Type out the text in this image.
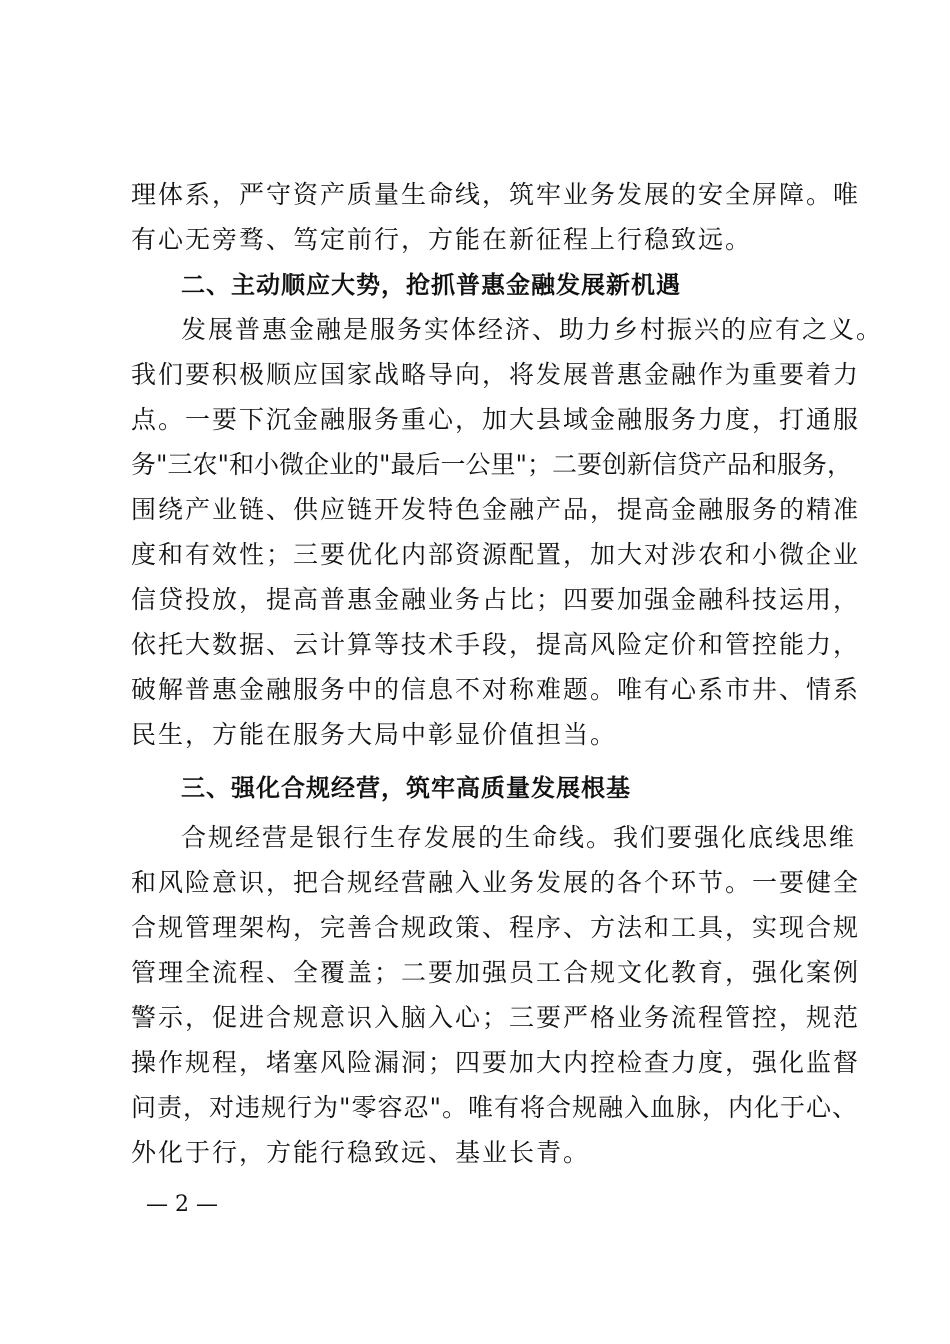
理体系，严守资产质量生命线，筑牢业务发展的安全屏障。唯
有心无旁骛、笃定前行，方能在新征程上行稳致远。
二、主动顺应大势，抢抓普惠金融发展新机遇
发展普惠金融是服务实体经济、助力乡村振兴的应有之义。
我们要积极顺应国家战略导向，将发展普惠金融作为重要着力
点。一要下沉金融服务重心，加大县域金融服务力度，打通服
务"三农"和小微企业的"最后一公里"；二要创新信贷产品和服务，
围绕产业链、供应链开发特色金融产品，提高金融服务的精准
度和有效性；三要优化内部资源配置，加大对涉农和小微企业
信贷投放，提高普惠金融业务占比；四要加强金融科技运用，
依托大数据、云计算等技术手段，提高风险定价和管控能力，
破解普惠金融服务中的信息不对称难题。唯有心系市井、情系
民生，方能在服务大局中彰显价值担当。
三、强化合规经营，筑牢高质量发展根基
合规经营是银行生存发展的生命线。我们要强化底线思维
和风险意识，把合规经营融入业务发展的各个环节。一要健全
合规管理架构，完善合规政策、程序、方法和工具，实现合规
管理全流程、全覆盖；二要加强员工合规文化教育，强化案例
警示，促进合规意识入脑入心；三要严格业务流程管控，规范
操作规程，堵塞风险漏洞；四要加大内控检查力度，强化监督
问责，对违规行为"零容忍"。唯有将合规融入血脉，内化于心、
外化于行，方能行稳致远、基业长青。
— 2 —
